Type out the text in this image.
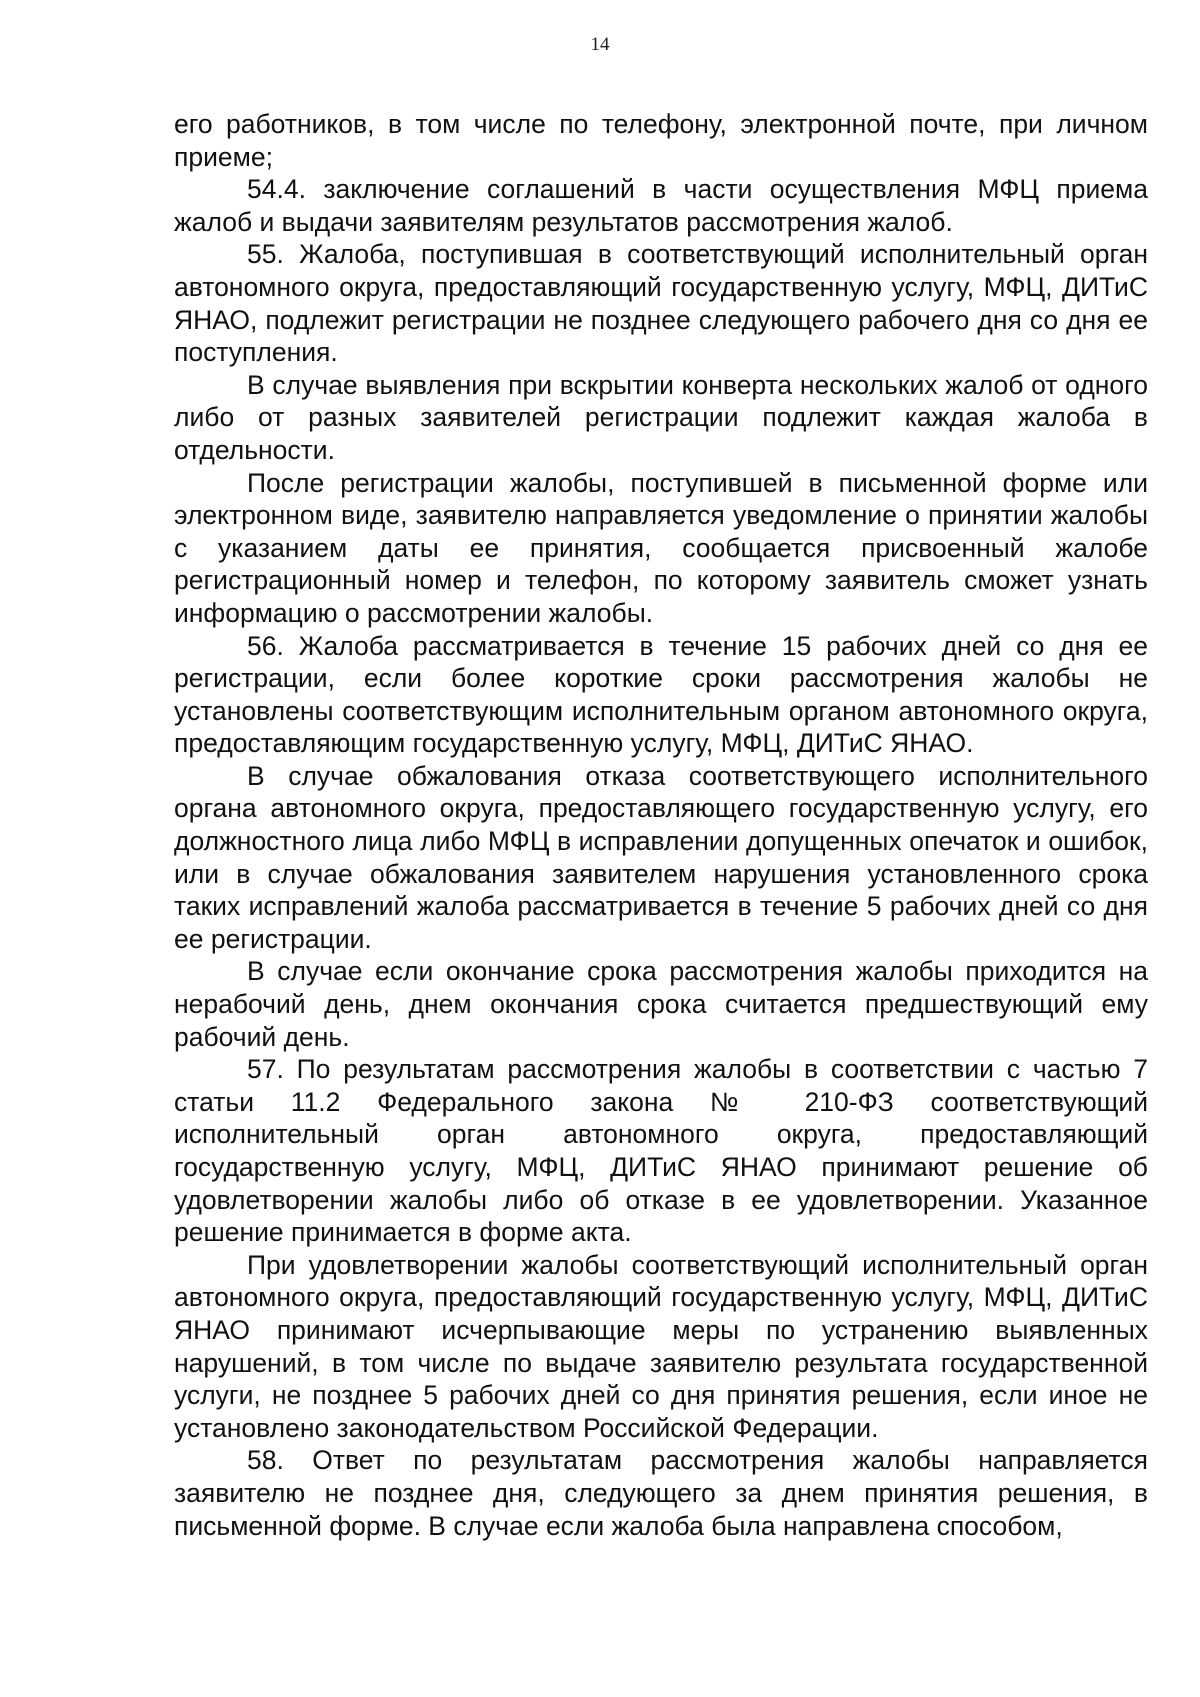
14

его работников, в том числе по телефону, электронной почте, при личном приеме;

54.4. заключение соглашений в части осуществления МФЦ приема жалоб и выдачи заявителям результатов рассмотрения жалоб.

55. Жалоба, поступившая в соответствующий исполнительный орган автономного округа, предоставляющий государственную услугу, МФЦ, ДИТиС ЯНАО, подлежит регистрации не позднее следующего рабочего дня со дня ее поступления.

В случае выявления при вскрытии конверта нескольких жалоб от одного либо от разных заявителей регистрации подлежит каждая жалоба в отдельности.

После регистрации жалобы, поступившей в письменной форме или электронном виде, заявителю направляется уведомление о принятии жалобы с указанием даты ее принятия, сообщается присвоенный жалобе регистрационный номер и телефон, по которому заявитель сможет узнать информацию о рассмотрении жалобы.

56. Жалоба рассматривается в течение 15 рабочих дней со дня ее регистрации, если более короткие сроки рассмотрения жалобы не установлены соответствующим исполнительным органом автономного округа, предоставляющим государственную услугу, МФЦ, ДИТиС ЯНАО.

В случае обжалования отказа соответствующего исполнительного органа автономного округа, предоставляющего государственную услугу, его должностного лица либо МФЦ в исправлении допущенных опечаток и ошибок, или в случае обжалования заявителем нарушения установленного срока таких исправлений жалоба рассматривается в течение 5 рабочих дней со дня ее регистрации.

В случае если окончание срока рассмотрения жалобы приходится на нерабочий день, днем окончания срока считается предшествующий ему рабочий день.

57. По результатам рассмотрения жалобы в соответствии с частью 7 статьи 11.2 Федерального закона № 210-ФЗ соответствующий исполнительный орган автономного округа, предоставляющий государственную услугу, МФЦ, ДИТиС ЯНАО принимают решение об удовлетворении жалобы либо об отказе в ее удовлетворении. Указанное решение принимается в форме акта.

При удовлетворении жалобы соответствующий исполнительный орган автономного округа, предоставляющий государственную услугу, МФЦ, ДИТиС ЯНАО принимают исчерпывающие меры по устранению выявленных нарушений, в том числе по выдаче заявителю результата государственной услуги, не позднее 5 рабочих дней со дня принятия решения, если иное не установлено законодательством Российской Федерации.

58. Ответ по результатам рассмотрения жалобы направляется заявителю не позднее дня, следующего за днем принятия решения, в письменной форме. В случае если жалоба была направлена способом,
